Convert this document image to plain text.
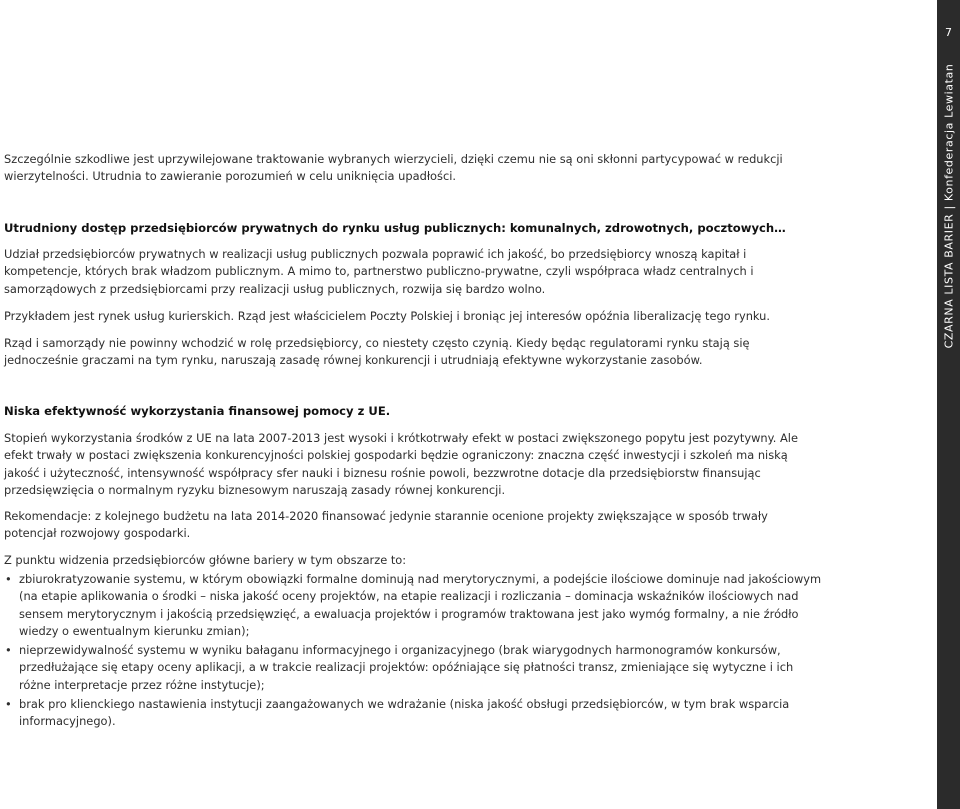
Szczególnie szkodliwe jest uprzywilejowane traktowanie wybranych wierzycieli, dzięki czemu nie są oni skłonni partycypować w redukcji wierzytelności. Utrudnia to zawieranie porozumień w celu uniknięcia upadłości.

Utrudniony dostęp przedsiębiorców prywatnych do rynku usług publicznych: komunalnych, zdrowotnych, pocztowych…

Udział przedsiębiorców prywatnych w realizacji usług publicznych pozwala poprawić ich jakość, bo przedsiębiorcy wnoszą kapitał i kompetencje, których brak władzom publicznym. A mimo to, partnerstwo publiczno-prywatne, czyli współpraca władz centralnych i samorządowych z przedsiębiorcami przy realizacji usług publicznych, rozwija się bardzo wolno.

Przykładem jest rynek usług kurierskich. Rząd jest właścicielem Poczty Polskiej i broniąc jej interesów opóźnia liberalizację tego rynku.

Rząd i samorządy nie powinny wchodzić w rolę przedsiębiorcy, co niestety często czynią. Kiedy będąc regulatorami rynku stają się jednocześnie graczami na tym rynku, naruszają zasadę równej konkurencji i utrudniają efektywne wykorzystanie zasobów.

Niska efektywność wykorzystania finansowej pomocy z UE.

Stopień wykorzystania środków z UE na lata 2007-2013 jest wysoki i krótkotrwały efekt w postaci zwiększonego popytu jest pozytywny. Ale efekt trwały w postaci zwiększenia konkurencyjności polskiej gospodarki będzie ograniczony: znaczna część inwestycji i szkoleń ma niską jakość i użyteczność, intensywność współpracy sfer nauki i biznesu rośnie powoli, bezzwrotne dotacje dla przedsiębiorstw finansując przedsięwzięcia o normalnym ryzyku biznesowym naruszają zasady równej konkurencji.

Rekomendacje: z kolejnego budżetu na lata 2014-2020 finansować jedynie starannie ocenione projekty zwiększające w sposób trwały potencjał rozwojowy gospodarki.

Z punktu widzenia przedsiębiorców główne bariery w tym obszarze to:

• zbiurokratyzowanie systemu, w którym obowiązki formalne dominują nad merytorycznymi, a podejście ilościowe dominuje nad jakościowym (na etapie aplikowania o środki – niska jakość oceny projektów, na etapie realizacji i rozliczania – dominacja wskaźników ilościowych nad sensem merytorycznym i jakością przedsięwzięć, a ewaluacja projektów i programów traktowana jest jako wymóg formalny, a nie źródło wiedzy o ewentualnym kierunku zmian);
• nieprzewidywalność systemu w wyniku bałaganu informacyjnego i organizacyjnego (brak wiarygodnych harmonogramów konkursów, przedłużające się etapy oceny aplikacji, a w trakcie realizacji projektów: opóźniające się płatności transz, zmieniające się wytyczne i ich różne interpretacje przez różne instytucje);
• brak pro klienckiego nastawienia instytucji zaangażowanych we wdrażanie (niska jakość obsługi przedsiębiorców, w tym brak wsparcia informacyjnego).
7
CZARNA LISTA BARIER | Konfederacja Lewiatan
